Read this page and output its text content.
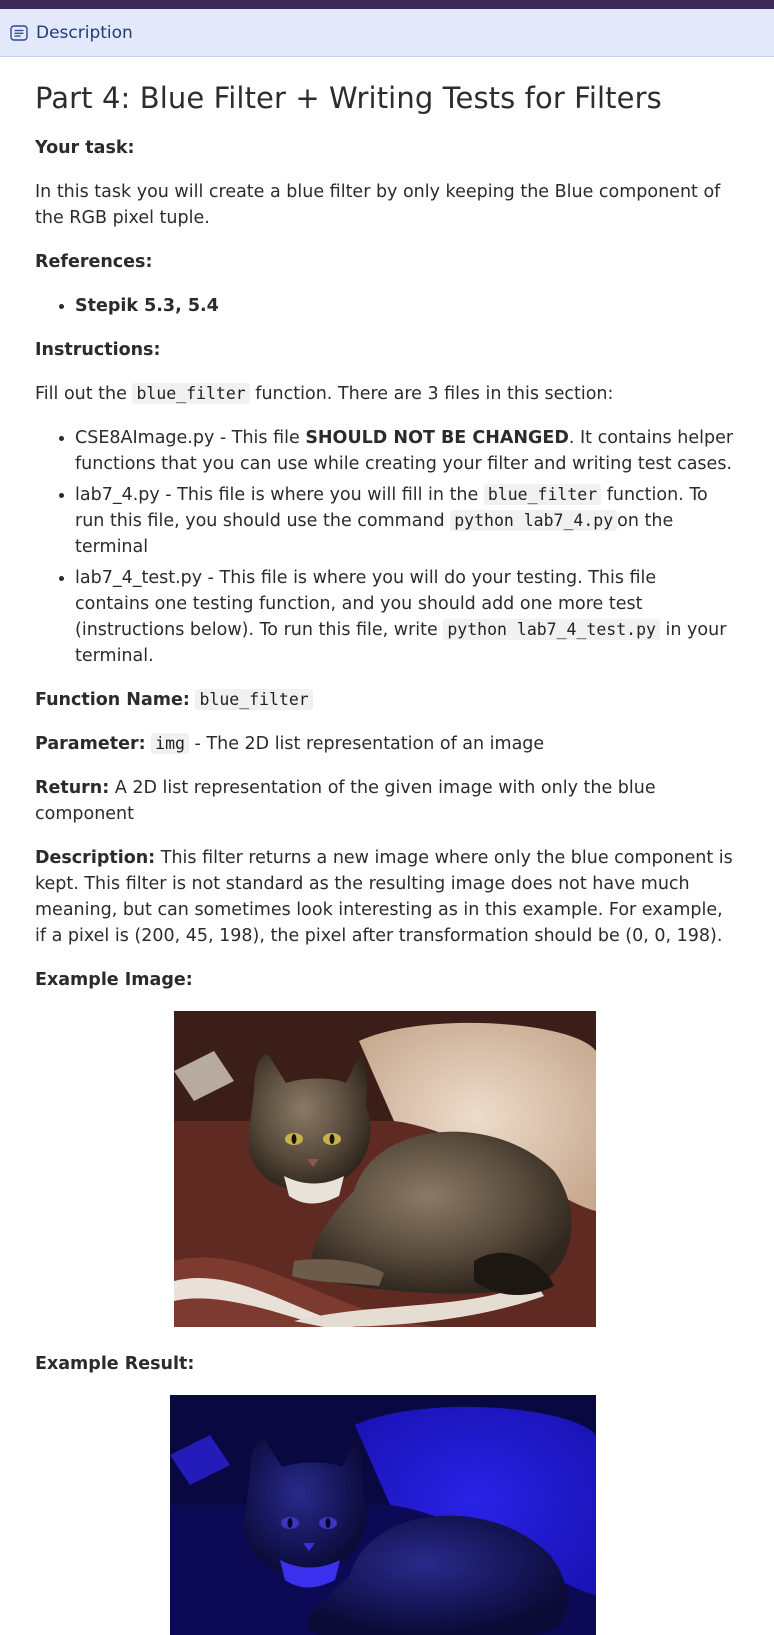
Description
Part 4: Blue Filter + Writing Tests for Filters

Your task:

In this task you will create a blue filter by only keeping the Blue component of the RGB pixel tuple.

References:

• Stepik 5.3, 5.4

Instructions:

Fill out the blue_filter function. There are 3 files in this section:

• CSE8AImage.py - This file SHOULD NOT BE CHANGED. It contains helper functions that you can use while creating your filter and writing test cases.
• lab7_4.py - This file is where you will fill in the blue_filter function. To run this file, you should use the command python lab7_4.py on the terminal
• lab7_4_test.py - This file is where you will do your testing. This file contains one testing function, and you should add one more test (instructions below). To run this file, write python lab7_4_test.py in your terminal.

Function Name: blue_filter

Parameter: img - The 2D list representation of an image

Return: A 2D list representation of the given image with only the blue component

Description: This filter returns a new image where only the blue component is kept. This filter is not standard as the resulting image does not have much meaning, but can sometimes look interesting as in this example. For example, if a pixel is (200, 45, 198), the pixel after transformation should be (0, 0, 198).

Example Image:

Example Result:
